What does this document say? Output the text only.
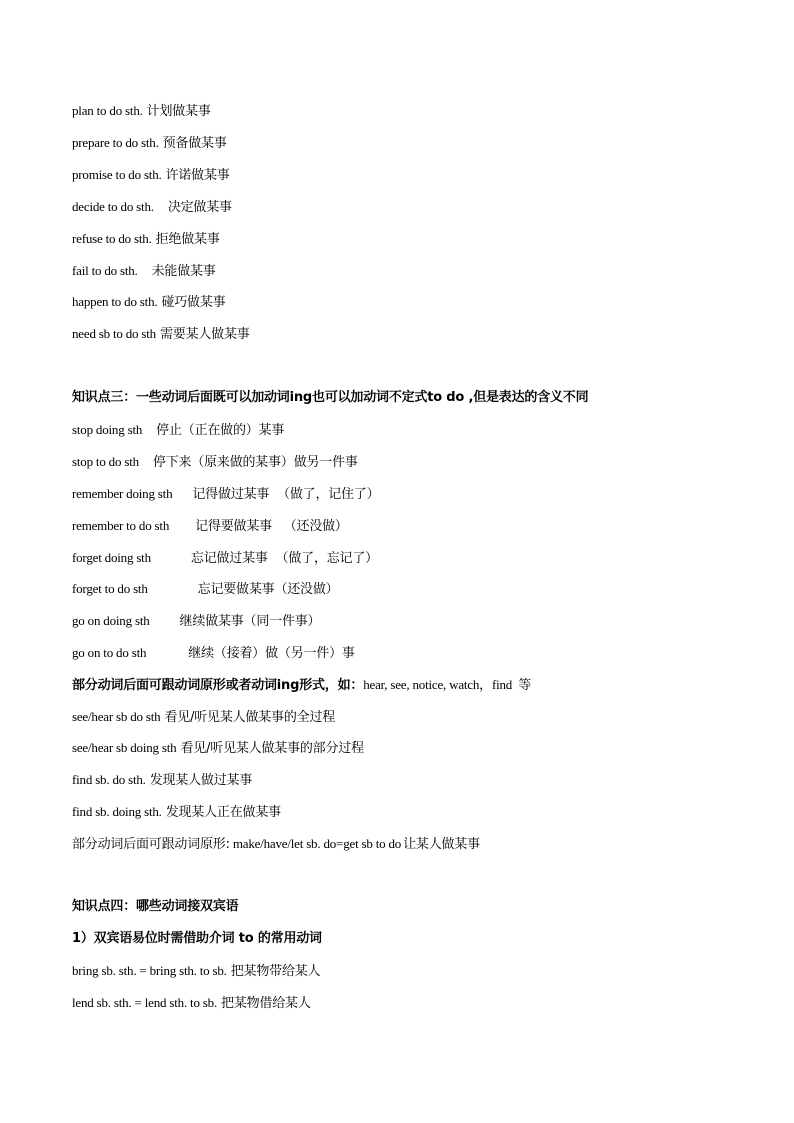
plan to do sth. 计划做某事
prepare to do sth. 预备做某事
promise to do sth. 许诺做某事
decide to do sth. 决定做某事
refuse to do sth. 拒绝做某事
fail to do sth. 未能做某事
happen to do sth. 碰巧做某事
need sb to do sth 需要某人做某事
知识点三：一些动词后面既可以加动词ing也可以加动词不定式to do ,但是表达的含义不同
stop doing sth 停止（正在做的）某事
stop to do sth 停下来（原来做的某事）做另一件事
remember doing sth 记得做过某事  （做了，记住了）
remember to do sth 记得要做某事   （还没做）
forget doing sth	忘记做过某事  （做了，忘记了）
forget to do sth	忘记要做某事（还没做）
go on doing sth 继续做某事（同一件事）
go on to do sth	继续（接着）做（另一件）事
部分动词后面可跟动词原形或者动词ing形式，如：hear, see, notice, watch，find  等
see/hear sb do sth 看见/听见某人做某事的全过程
see/hear sb doing sth 看见/听见某人做某事的部分过程
find sb. do sth. 发现某人做过某事
find sb. doing sth. 发现某人正在做某事
部分动词后面可跟动词原形: make/have/let sb. do=get sb to do 让某人做某事
知识点四：哪些动词接双宾语
1）双宾语易位时需借助介词 to 的常用动词
bring sb. sth. = bring sth. to sb. 把某物带给某人
lend sb. sth. = lend sth. to sb. 把某物借给某人
